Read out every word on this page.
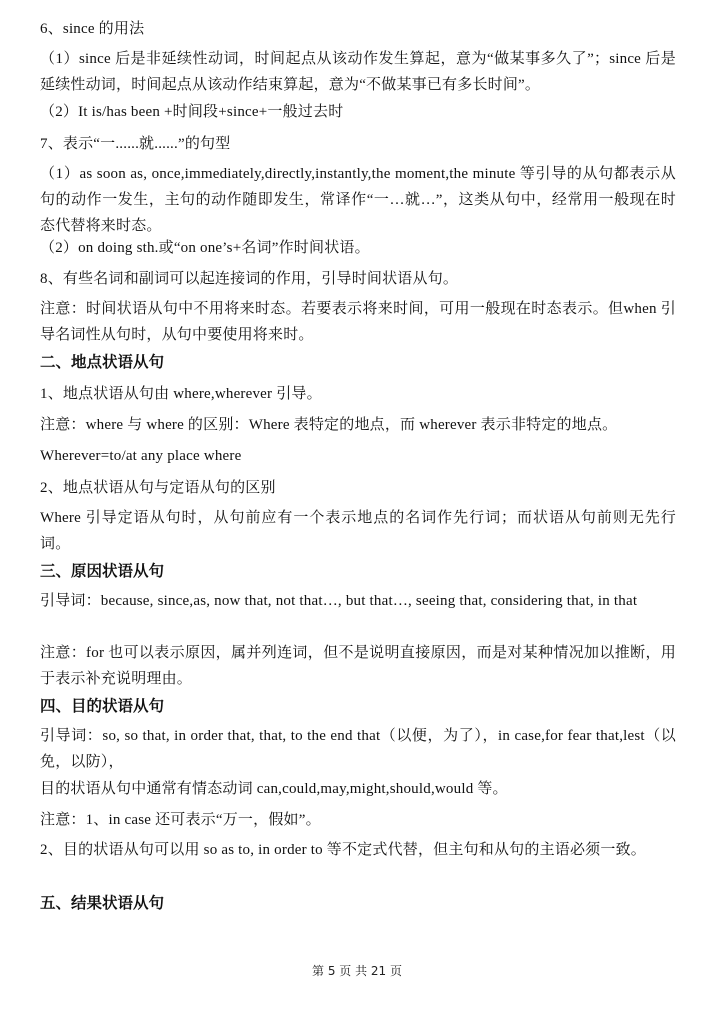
6、since 的用法
（1）since 后是非延续性动词，时间起点从该动作发生算起，意为“做某事多久了”；since 后是延续性动词，时间起点从该动作结束算起，意为“不做某事已有多长时间”。
（2）It is/has been +时间段+since+一般过去时
7、表示“一......就......”的句型
（1）as soon as, once,immediately,directly,instantly,the moment,the minute 等引导的从句都表示从句的动作一发生，主句的动作随即发生，常译作“一…就…”，这类从句中，经常用一般现在时态代替将来时态。
（2）on doing sth.或“on one’s+名词”作时间状语。
8、有些名词和副词可以起连接词的作用，引导时间状语从句。
注意：时间状语从句中不用将来时态。若要表示将来时间，可用一般现在时态表示。但when 引导名词性从句时，从句中要使用将来时。
二、地点状语从句
1、地点状语从句由 where,wherever 引导。
注意：where 与 where 的区别：Where 表特定的地点，而 wherever 表示非特定的地点。
Wherever=to/at any place where
2、地点状语从句与定语从句的区别
Where 引导定语从句时，从句前应有一个表示地点的名词作先行词；而状语从句前则无先行词。
三、原因状语从句
引导词：because, since,as, now that, not that…, but that…, seeing that, considering that, in that
注意：for 也可以表示原因，属并列连词，但不是说明直接原因，而是对某种情况加以推断，用于表示补充说明理由。
四、目的状语从句
引导词：so, so that, in order that, that, to the end that（以便，为了），in case,for fear that,lest（以免，以防），
目的状语从句中通常有情态动词 can,could,may,might,should,would 等。
注意：1、in case 还可表示“万一，假如”。
2、目的状语从句可以用 so as to, in order to 等不定式代替，但主句和从句的主语必须一致。
五、结果状语从句
第 5 页 共 21 页
